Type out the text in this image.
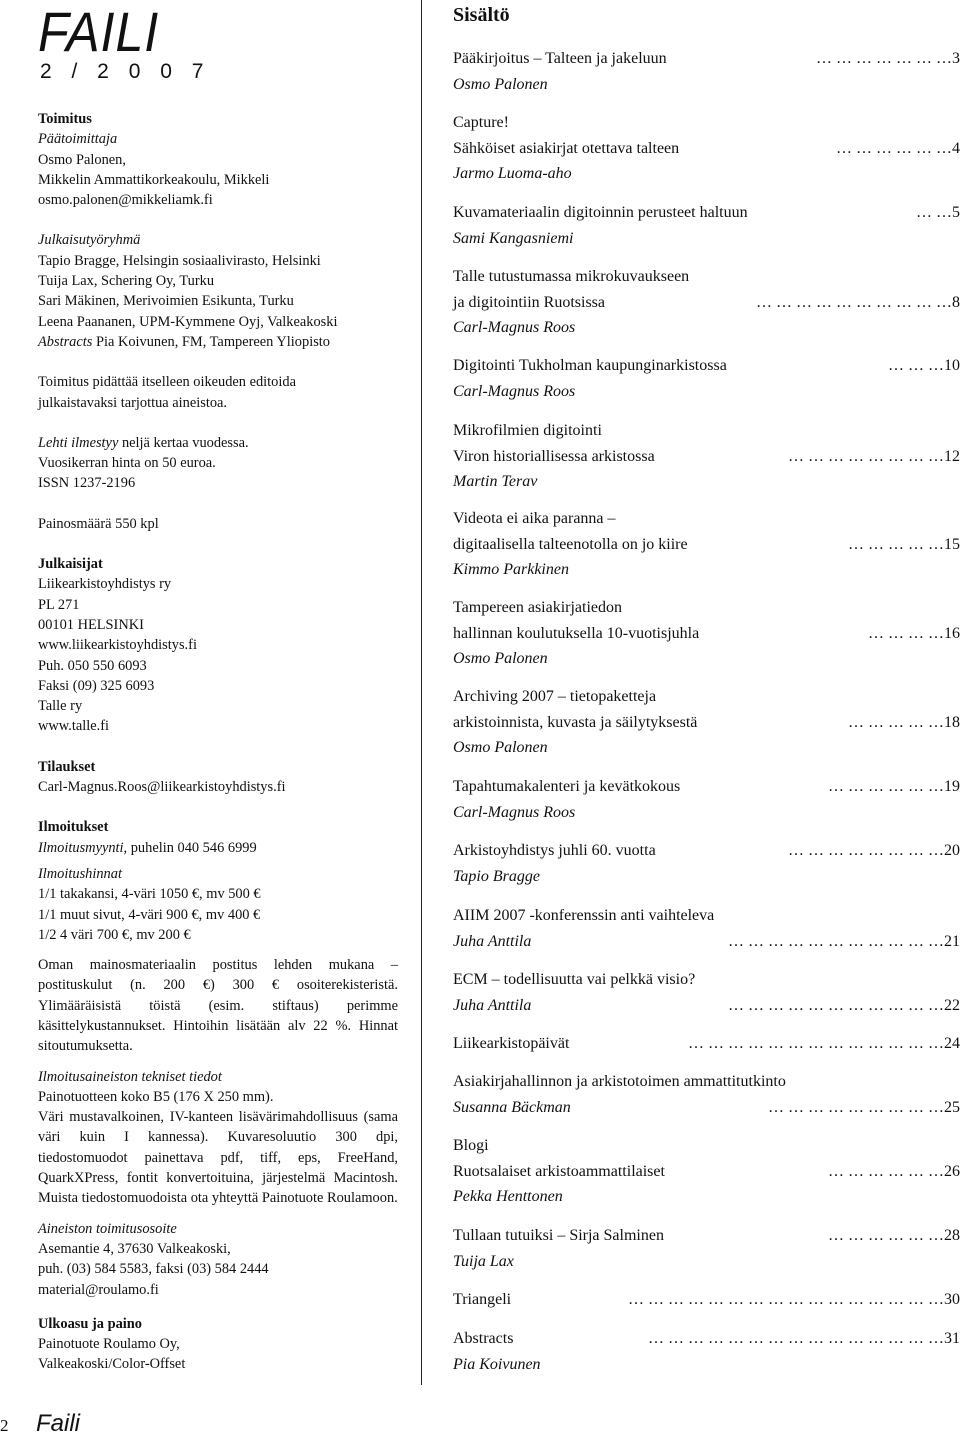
FAILI
2 / 2 0 0 7
Toimitus
Päätoimittaja
Osmo Palonen,
Mikkelin Ammattikorkeakoulu, Mikkeli
osmo.palonen@mikkeliamk.fi
Julkaisutyöryhmä
Tapio Bragge, Helsingin sosiaalivirasto, Helsinki
Tuija Lax, Schering Oy, Turku
Sari Mäkinen, Merivoimien Esikunta, Turku
Leena Paananen, UPM-Kymmene Oyj, Valkeakoski
Abstracts Pia Koivunen, FM, Tampereen Yliopisto
Toimitus pidättää itselleen oikeuden editoida
julkaistavaksi tarjottua aineistoa.
Lehti ilmestyy neljä kertaa vuodessa.
Vuosikerran hinta on 50 euroa.
ISSN 1237-2196
Painosmäärä 550 kpl
Julkaisijat
Liikearkistoyhdistys ry
PL 271
00101 HELSINKI
www.liikearkistoyhdistys.fi
Puh. 050 550 6093
Faksi (09) 325 6093
Talle ry
www.talle.fi
Tilaukset
Carl-Magnus.Roos@liikearkistoyhdistys.fi
Ilmoitukset
Ilmoitusmyynti, puhelin 040 546 6999
Ilmoitushinnat
1/1 takakansi, 4-väri 1050 €, mv 500 €
1/1 muut sivut, 4-väri 900 €, mv 400 €
1/2 4 väri 700 €, mv 200 €
Oman mainosmateriaalin postitus lehden mukana – postituskulut (n. 200 €) 300 € osoiterekisteristä. Ylimääräisistä töistä (esim. stiftaus) perimme käsittelykustannukset. Hintoihin lisätään alv 22 %. Hinnat sitoutumuksetta.
Ilmoitusaineiston tekniset tiedot
Painotuotteen koko B5 (176 X 250 mm).
Väri mustavalkoinen, IV-kanteen lisävärimahdollisuus (sama väri kuin I kannessa). Kuvaresoluutio 300 dpi, tiedostomuodot painettava pdf, tiff, eps, FreeHand, QuarkXPress, fontit konvertoituina, järjestelmä Macintosh. Muista tiedostomuodoista ota yhteyttä Painotuote Roulamoon.
Aineiston toimitusosoite
Asemantie 4, 37630 Valkeakoski,
puh. (03) 584 5583, faksi (03) 584 2444
material@roulamo.fi
Ulkoasu ja paino
Painotuote Roulamo Oy,
Valkeakoski/Color-Offset
Sisältö
2 Faili
Pääkirjoitus – Talteen ja jakeluun	… … … … … … …3
Osmo Palonen
Capture!
Sähköiset asiakirjat otettava talteen	… … … … … …4
Jarmo Luoma-aho
Kuvamateriaalin digitoinnin perusteet haltuun	… …5
Sami Kangasniemi
Talle tutustumassa mikrokuvaukseen
ja digitointiin Ruotsissa	… … … … … … … … … …8
Carl-Magnus Roos
Digitointi Tukholman kaupunginarkistossa	… … …10
Carl-Magnus Roos
Mikrofilmien digitointi
Viron historiallisessa arkistossa	… … … … … … … …12
Martin Terav
Videota ei aika paranna –
digitaalisella talteenotolla on jo kiire	… … … … …15
Kimmo Parkkinen
Tampereen asiakirjatiedon
hallinnan koulutuksella 10-vuotisjuhla	… … … …16
Osmo Palonen
Archiving 2007 – tietopaketteja
arkistoinnista, kuvasta ja säilytyksestä	… … … … …18
Osmo Palonen
Tapahtumakalenteri ja kevätkokous	… … … … … …19
Carl-Magnus Roos
Arkistoyhdistys juhli 60. vuotta	… … … … … … … …20
Tapio Bragge
AIIM 2007 -konferenssin anti vaihteleva
Juha Anttila	… … … … … … … … … … …21
ECM – todellisuutta vai pelkkä visio?
Juha Anttila	… … … … … … … … … … …22
Liikearkistopäivät	… … … … … … … … … … … … …24
Asiakirjahallinnon ja arkistotoimen ammattitutkinto
Susanna Bäckman	… … … … … … … … …25
Blogi
Ruotsalaiset arkistoammattilaiset	… … … … … …26
Pekka Henttonen
Tullaan tutuiksi – Sirja Salminen	… … … … … …28
Tuija Lax
Triangeli	… … … … … … … … … … … … … … … …30
Abstracts	… … … … … … … … … … … … … … …31
Pia Koivunen
